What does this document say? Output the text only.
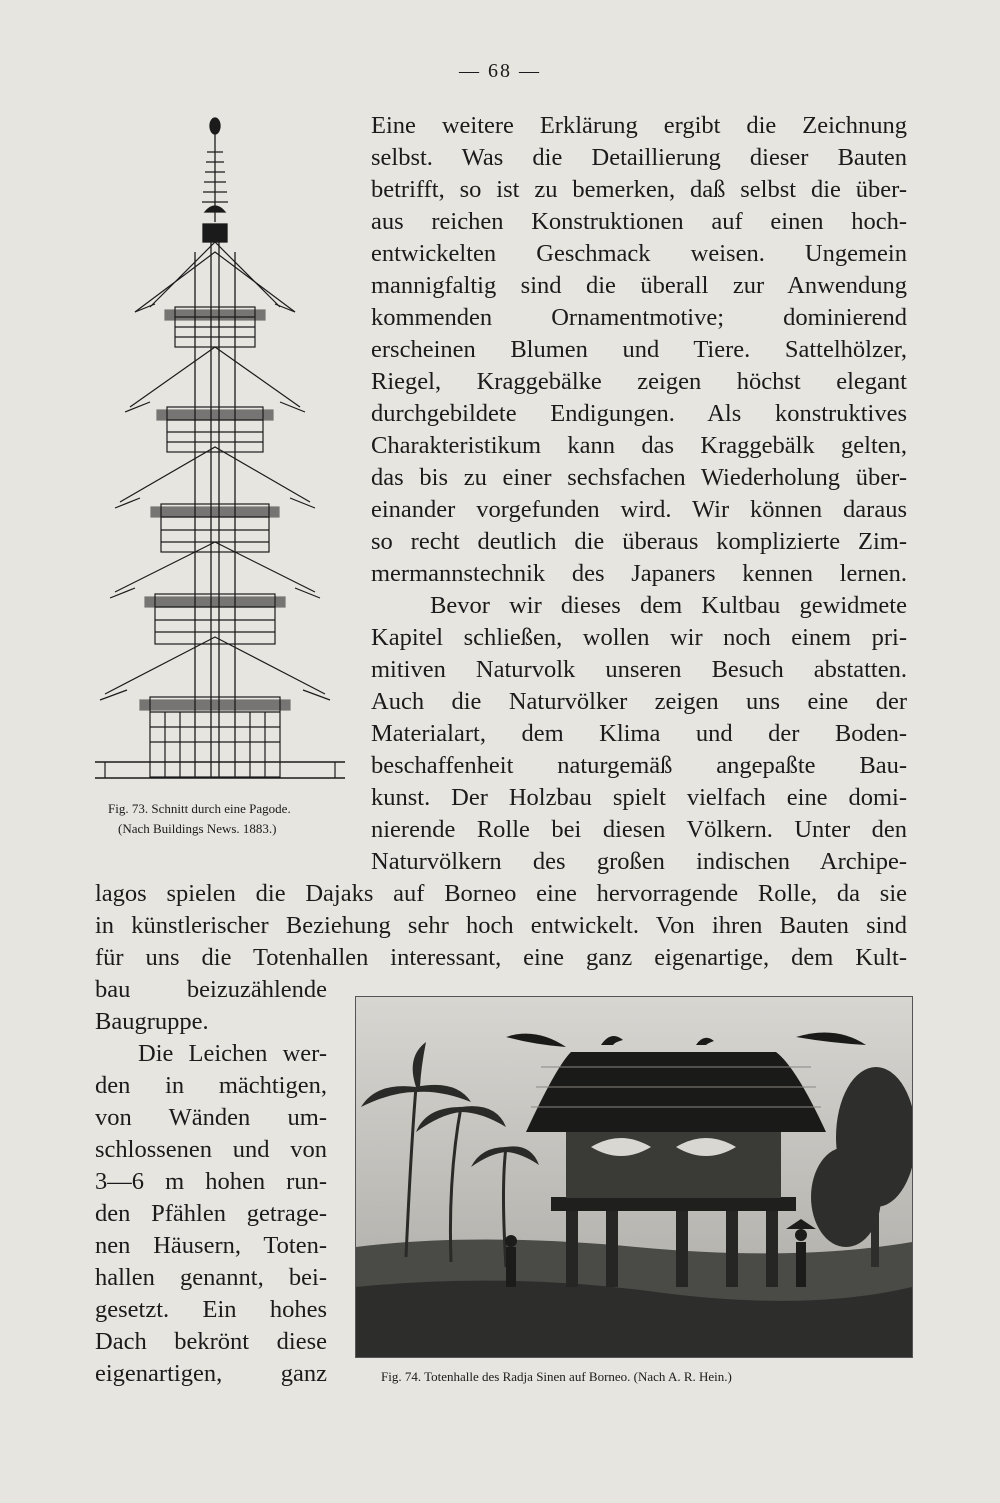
— 68 —

Eine weitere Erklärung ergibt die Zeichnung

selbst. Was die Detaillierung dieser Bauten

betrifft, so ist zu bemerken, daß selbst die über-

aus reichen Konstruktionen auf einen hoch-

entwickelten Geschmack weisen. Ungemein

mannigfaltig sind die überall zur Anwendung

kommenden Ornamentmotive; dominierend

erscheinen Blumen und Tiere. Sattelhölzer,

Riegel, Kraggebälke zeigen höchst elegant

durchgebildete Endigungen. Als konstruktives

Charakteristikum kann das Kraggebälk gelten,

das bis zu einer sechsfachen Wiederholung über-

einander vorgefunden wird. Wir können daraus

so recht deutlich die überaus komplizierte Zim-

mermannstechnik des Japaners kennen lernen.

Bevor wir dieses dem Kultbau gewidmete

Kapitel schließen, wollen wir noch einem pri-

mitiven Naturvolk unseren Besuch abstatten.

Auch die Naturvölker zeigen uns eine der

Materialart, dem Klima und der Boden-

beschaffenheit naturgemäß angepaßte Bau-

kunst. Der Holzbau spielt vielfach eine domi-

nierende Rolle bei diesen Völkern. Unter den

Naturvölkern des großen indischen Archipe-

lagos spielen die Dajaks auf Borneo eine hervorragende Rolle, da sie

in künstlerischer Beziehung sehr hoch entwickelt. Von ihren Bauten sind

für uns die Totenhallen interessant, eine ganz eigenartige, dem Kult-

bau beizuzählende

Baugruppe.

Die Leichen wer-

den in mächtigen,

von Wänden um-

schlossenen und von

3—6 m hohen run-

den Pfählen getrage-

nen Häusern, Toten-

hallen genannt, bei-

gesetzt. Ein hohes

Dach bekrönt diese

eigenartigen, ganz

Fig. 73. Schnitt durch eine Pagode.

(Nach Buildings News. 1883.)

Fig. 74. Totenhalle des Radja Sinen auf Borneo. (Nach A. R. Hein.)
